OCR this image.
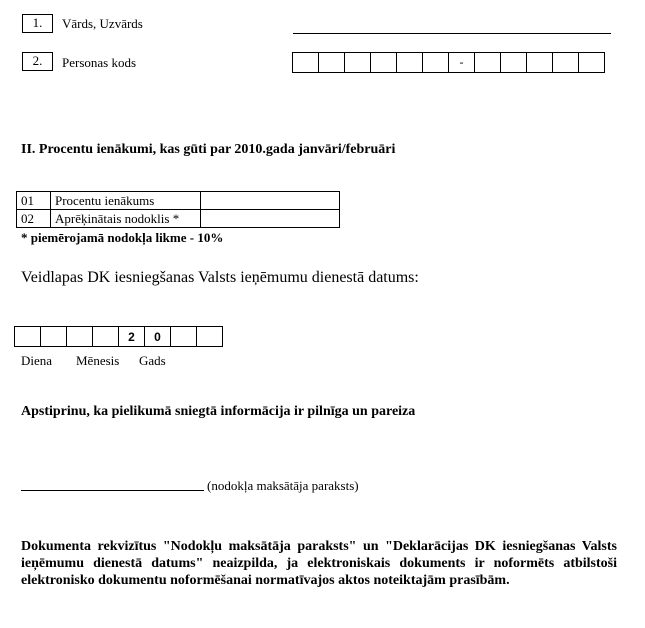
1.	Vārds, Uzvārds
2.	Personas kods	-
II. Procentu ienākumi, kas gūti par 2010.gada janvāri/februāri
01	Procentu ienākums	
02	Aprēķinātais nodoklis *	
* piemērojamā nodokļa likme - 10%
Veidlapas DK iesniegšanas Valsts ieņēmumu dienestā datums:
2	0
Diena Mēnesis Gads
Apstiprinu, ka pielikumā sniegtā informācija ir pilnīga un pareiza
(nodokļa maksātāja paraksts)
Dokumenta rekvizītus "Nodokļu maksātāja paraksts" un "Deklarācijas DK iesniegšanas Valsts ieņēmumu dienestā datums" neaizpilda, ja elektroniskais dokuments ir noformēts atbilstoši elektronisko dokumentu noformēšanai normatīvajos aktos noteiktajām prasībām.
